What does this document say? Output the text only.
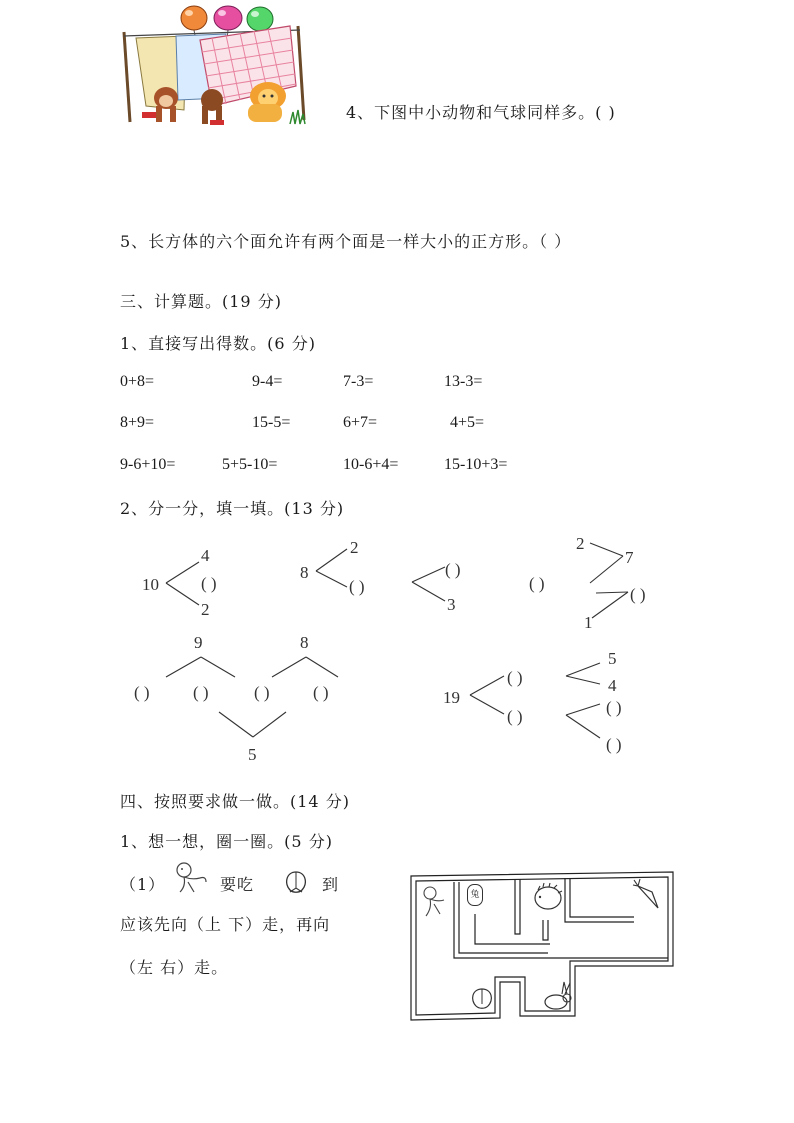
4、下图中小动物和气球同样多。( )
5、长方体的六个面允许有两个面是一样大小的正方形。（ ）
三、计算题。(19 分)
1、直接写出得数。(6 分)
0+8=	9-4=	7-3=	13-3=
8+9=	15-5=	6+7=	4+5=
9-6+10=	5+5-10=	10-6+4=	15-10+3=
2、分一分，填一填。(13 分)
10
4
( )
2
8
2
( )
( )
3
2
7
( )
( )
1
9	8
( )	( )	( )	( )
5
19
( )
( )
5
4
( )
( )
四、按照要求做一做。(14 分)
1、想一想，圈一圈。(5 分)
（1）	要吃	到
应该先向（上 下）走，再向
（左 右）走。
兔
